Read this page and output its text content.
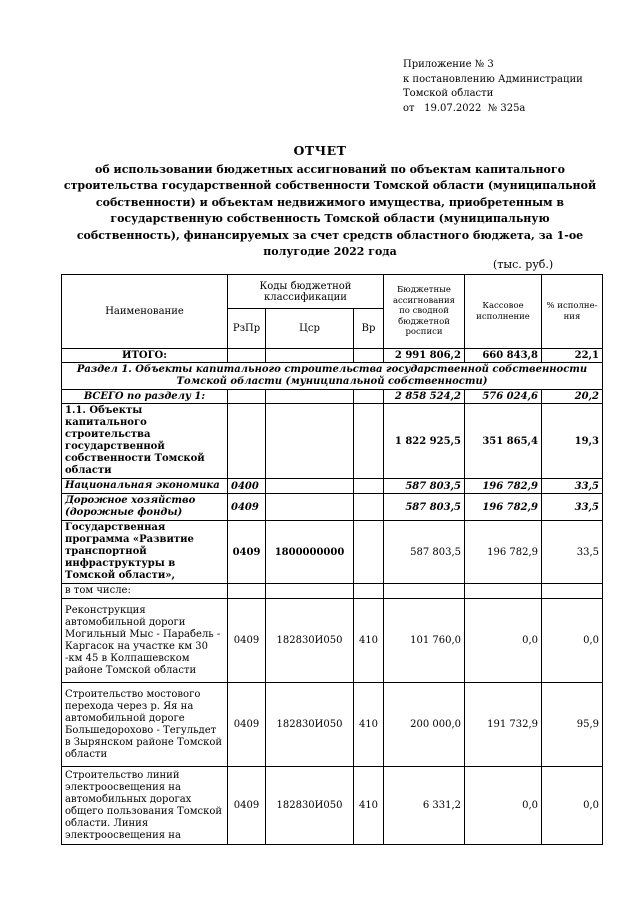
Приложение № 3
к постановлению Администрации
Томской области
от   19.07.2022  № 325а
ОТЧЕТ
об использовании бюджетных ассигнований по объектам капитального строительства государственной собственности Томской области (муниципальной собственности) и объектам недвижимого имущества, приобретенным в государственную собственность Томской области (муниципальную собственность), финансируемых за счет средств областного бюджета, за 1-ое полугодие 2022 года
(тыс. руб.)
Наименование	Коды бюджетной классификации			Бюджетные ассигнования по сводной бюджетной росписи	Кассовое исполнение	% исполне-ния
	РзПр	Цср	Вр			
ИТОГО:				2 991 806,2	660 843,8	22,1
Раздел 1. Объекты капитального строительства государственной собственности Томской области (муниципальной собственности)						
ВСЕГО по разделу 1:				2 858 524,2	576 024,6	20,2
1.1. Объекты капитального строительства государственной собственности Томской области				1 822 925,5	351 865,4	19,3
Национальная экономика	0400			587 803,5	196 782,9	33,5
Дорожное хозяйство (дорожные фонды)	0409			587 803,5	196 782,9	33,5
Государственная программа «Развитие транспортной инфраструктуры в Томской области»,	0409	1800000000		587 803,5	196 782,9	33,5
в том числе:						
Реконструкция автомобильной дороги Могильный Мыс - Парабель - Каргасок на участке км 30 -км 45 в Колпашевском районе Томской области	0409	182830И050	410	101 760,0	0,0	0,0
Строительство мостового перехода через р. Яя на автомобильной дороге Большедорохово - Тегульдет в Зырянском районе Томской области	0409	182830И050	410	200 000,0	191 732,9	95,9
Строительство линий электроосвещения на автомобильных дорогах общего пользования Томской области. Линия электроосвещения на	0409	182830И050	410	6 331,2	0,0	0,0
